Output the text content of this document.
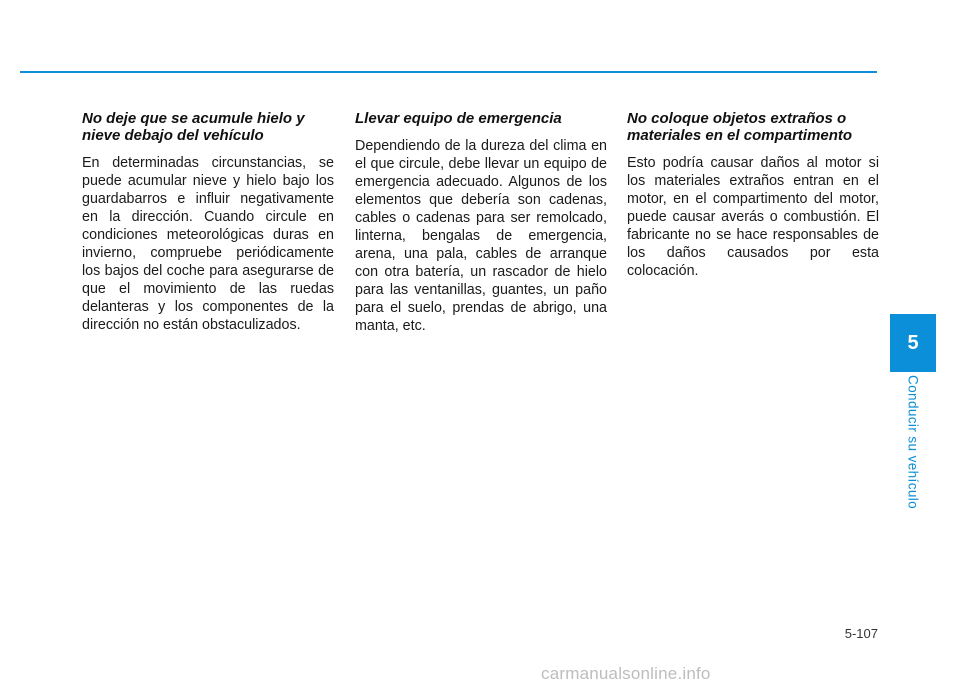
No deje que se acumule hielo y nieve debajo del vehículo

En determinadas circunstancias, se puede acumular nieve y hielo bajo los guardabarros e influir negativamente en la dirección. Cuando circule en condiciones meteorológicas duras en invierno, compruebe periódicamente los bajos del coche para asegurarse de que el movimiento de las ruedas delanteras y los componentes de la dirección no están obstaculizados.

Llevar equipo de emergencia

Dependiendo de la dureza del clima en el que circule, debe llevar un equipo de emergencia adecuado. Algunos de los elementos que debería son cadenas, cables o cadenas para ser remolcado, linterna, bengalas de emergencia, arena, una pala, cables de arranque con otra batería, un rascador de hielo para las ventanillas, guantes, un paño para el suelo, prendas de abrigo, una manta, etc.

No coloque objetos extraños o materiales en el compartimento

Esto podría causar daños al motor si los materiales extraños entran en el motor, en el compartimento del motor, puede causar averás o combustión. El fabricante no se hace responsables de los daños causados por esta colocación.

5
Conducir su vehículo
5-107
carmanualsonline.info
